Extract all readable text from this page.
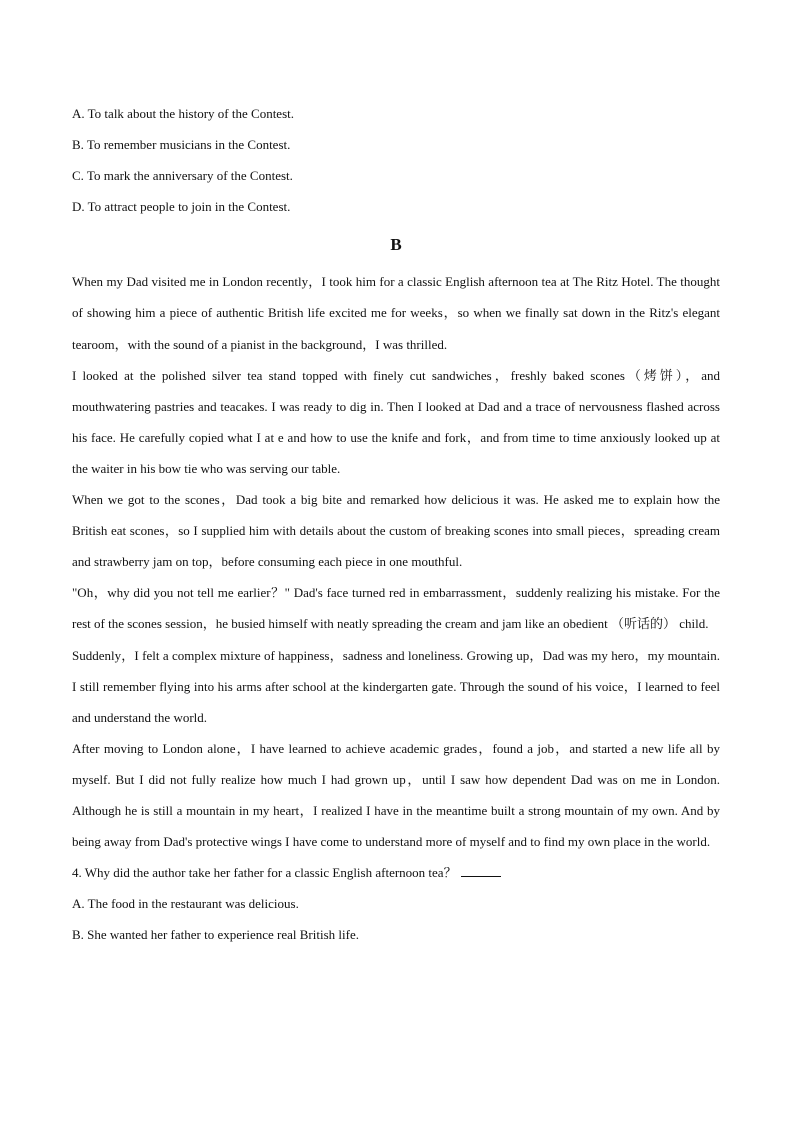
A. To talk about the history of the Contest.

B. To remember musicians in the Contest.

C. To mark the anniversary of the Contest.

D. To attract people to join in the Contest.

B

When my Dad visited me in London recently，I took him for a classic English afternoon tea at The Ritz Hotel. The thought of showing him a piece of authentic British life excited me for weeks，so when we finally sat down in the Ritz's elegant tearoom，with the sound of a pianist in the background，I was thrilled.

I looked at the polished silver tea stand topped with finely cut sandwiches，freshly baked scones（烤饼），and mouthwatering pastries and teacakes. I was ready to dig in. Then I looked at Dad and a trace of nervousness flashed across his face. He carefully copied what I at e and how to use the knife and fork，and from time to time anxiously looked up at the waiter in his bow tie who was serving our table.

When we got to the scones，Dad took a big bite and remarked how delicious it was. He asked me to explain how the British eat scones，so I supplied him with details about the custom of breaking scones into small pieces，spreading cream and strawberry jam on top，before consuming each piece in one mouthful.

"Oh，why did you not tell me earlier？" Dad's face turned red in embarrassment，suddenly realizing his mistake. For the rest of the scones session，he busied himself with neatly spreading the cream and jam like an obedient （听话的） child.

Suddenly，I felt a complex mixture of happiness，sadness and loneliness. Growing up，Dad was my hero，my mountain. I still remember flying into his arms after school at the kindergarten gate. Through the sound of his voice，I learned to feel and understand the world.

After moving to London alone，I have learned to achieve academic grades，found a job，and started a new life all by myself. But I did not fully realize how much I had grown up，until I saw how dependent Dad was on me in London. Although he is still a mountain in my heart，I realized I have in the meantime built a strong mountain of my own. And by being away from Dad's protective wings I have come to understand more of myself and to find my own place in the world.

4. Why did the author take her father for a classic English afternoon tea？

A. The food in the restaurant was delicious.

B. She wanted her father to experience real British life.
